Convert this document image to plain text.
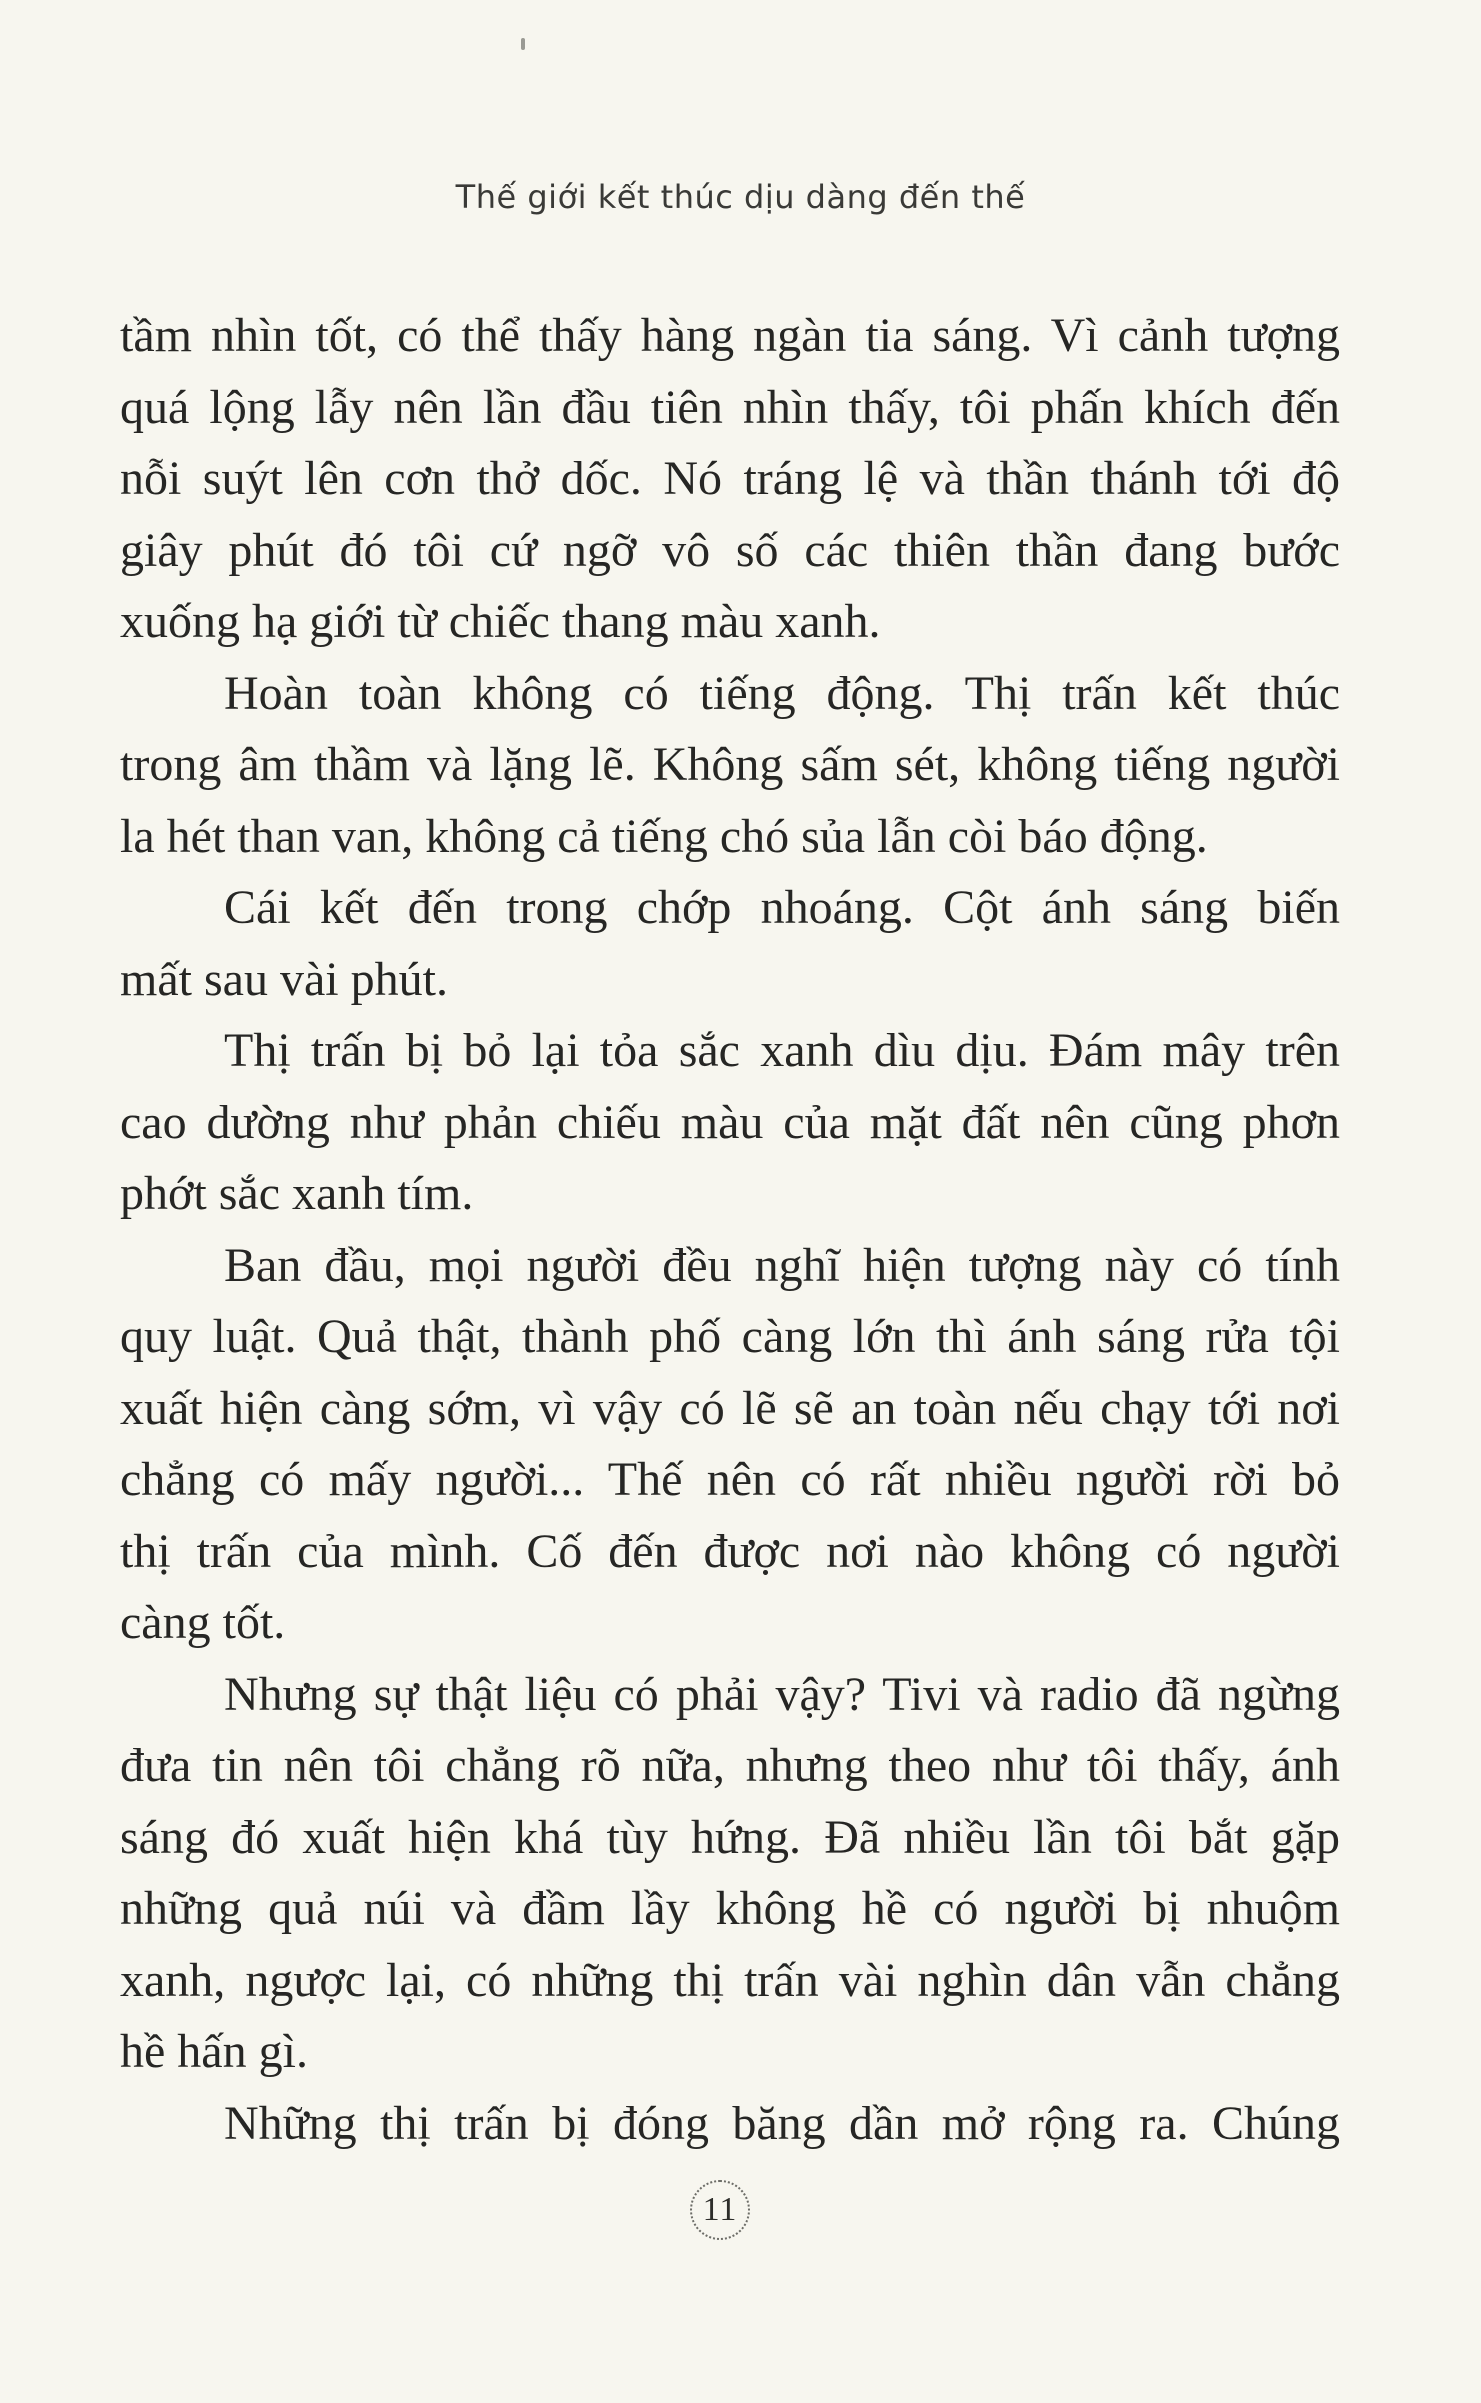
Thế giới kết thúc dịu dàng đến thế
tầm nhìn tốt, có thể thấy hàng ngàn tia sáng. Vì cảnh tượng
quá lộng lẫy nên lần đầu tiên nhìn thấy, tôi phấn khích đến
nỗi suýt lên cơn thở dốc. Nó tráng lệ và thần thánh tới độ
giây phút đó tôi cứ ngỡ vô số các thiên thần đang bước
xuống hạ giới từ chiếc thang màu xanh.
Hoàn toàn không có tiếng động. Thị trấn kết thúc
trong âm thầm và lặng lẽ. Không sấm sét, không tiếng người
la hét than van, không cả tiếng chó sủa lẫn còi báo động.
Cái kết đến trong chớp nhoáng. Cột ánh sáng biến
mất sau vài phút.
Thị trấn bị bỏ lại tỏa sắc xanh dìu dịu. Đám mây trên
cao dường như phản chiếu màu của mặt đất nên cũng phơn
phớt sắc xanh tím.
Ban đầu, mọi người đều nghĩ hiện tượng này có tính
quy luật. Quả thật, thành phố càng lớn thì ánh sáng rửa tội
xuất hiện càng sớm, vì vậy có lẽ sẽ an toàn nếu chạy tới nơi
chẳng có mấy người... Thế nên có rất nhiều người rời bỏ
thị trấn của mình. Cố đến được nơi nào không có người
càng tốt.
Nhưng sự thật liệu có phải vậy? Tivi và radio đã ngừng
đưa tin nên tôi chẳng rõ nữa, nhưng theo như tôi thấy, ánh
sáng đó xuất hiện khá tùy hứng. Đã nhiều lần tôi bắt gặp
những quả núi và đầm lầy không hề có người bị nhuộm
xanh, ngược lại, có những thị trấn vài nghìn dân vẫn chẳng
hề hấn gì.
Những thị trấn bị đóng băng dần mở rộng ra. Chúng
11
